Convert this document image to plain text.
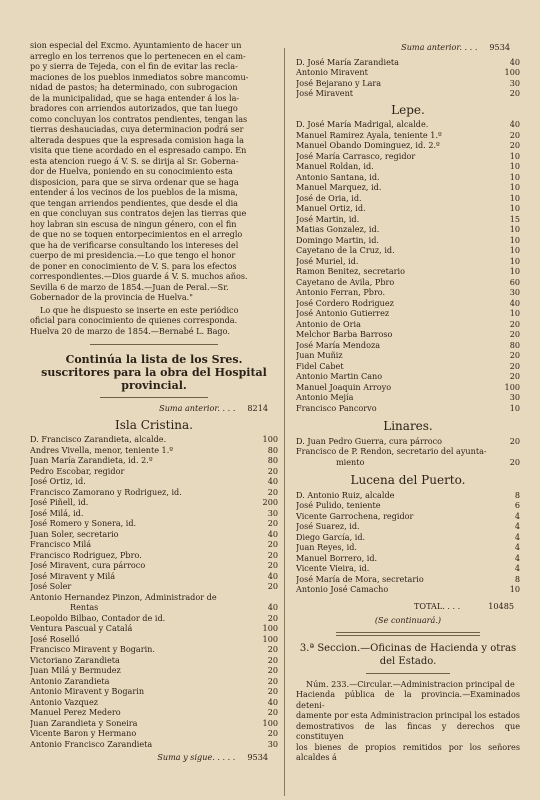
sion especial del Excmo. Ayuntamiento de hacer un

arreglo en los terrenos que lo pertenecen en el cam-

po y sierra de Tejeda, con el fin de evitar las recla-

maciones de los pueblos inmediatos sobre mancomu-

nidad de pastos; ha determinado, con subrogacion

de la municipalidad, que se haga entender á los la-

bradores con arriendos autorizados, que tan luego

como concluyan los contratos pendientes, tengan las

tierras deshauciadas, cuya determinacion podrá ser

alterada despues que la espresada comision haga la

visita que tiene acordado en el espresado campo. En

esta atencion ruego á V. S. se dirija al Sr. Goberna-

dor de Huelva, poniendo en su conocimiento esta

disposicion, para que se sirva ordenar que se haga

entender á los vecinos de los pueblos de la misma,

que tengan arriendos pendientes, que desde el dia

en que concluyan sus contratos dejen las tierras que

hoy labran sin escusa de ningun género, con el fin

de que no se toquen entorpecimientos en el arreglo

que ha de verificarse consultando los intereses del

cuerpo de mi presidencia.—Lo que tengo el honor

de poner en conocimiento de V. S. para los efectos

correspondientes.—Dios guarde á V. S. muchos años.

Sevilla 6 de marzo de 1854.—Juan de Peral.—Sr.

Gobernador de la provincia de Huelva."

Lo que he dispuesto se inserte en este periódico

oficial para conocimiento de quienes corresponda.

Huelva 20 de marzo de 1854.—Bernabé L. Bago.

Continúa la lista de los Sres. suscritores para la obra del Hospital provincial.
Suma anterior. . . . 8214
Isla Cristina.
D. Francisco Zarandieta, alcalde.	100
Andres Vivella, menor, teniente 1.º	80
Juan María Zarandieta, id. 2.º	80
Pedro Escobar, regidor	20
José Ortiz, id.	40
Francisco Zamorano y Rodriguez, id.	20
José Piñell, id.	200
José Milá, id.	30
José Romero y Sonera, id.	20
Juan Soler, secretario	40
Francisco Milá	20
Francisco Rodriguez, Pbro.	20
José Miravent, cura párroco	20
José Miravent y Milá	40
José Soler	20
Antonio Hernandez Pinzon, Administrador de
Rentas	40
Leopoldo Bilbao, Contador de id.	20
Ventura Pascual y Catalá	100
José Roselló	100
Francisco Miravent y Bogarin.	20
Victoriano Zarandieta	20
Juan Milá y Bermudez	20
Antonio Zarandieta	20
Antonio Miravent y Bogarin	20
Antonio Vazquez	40
Manuel Perez Medero	20
Juan Zarandieta y Soneira	100
Vicente Baron y Hermano	20
Antonio Francisco Zarandieta	30
Suma y sigue. . . . . 9534
Suma anterior. . . . 9534
D. José María Zarandieta	40
Antonio Miravent	100
José Bejarano y Lara	30
José Miravent	20
Lepe.
D. José María Madrigal, alcalde.	40
Manuel Ramirez Ayala, teniente 1.º	20
Manuel Obando Dominguez, id. 2.º	20
José María Carrasco, regidor	10
Manuel Roldan, id.	10
Antonio Santana, id.	10
Manuel Marquez, id.	10
José de Oria, id.	10
Manuel Ortiz, id.	10
José Martin, id.	15
Matias Gonzalez, id.	10
Domingo Martin, id.	10
Cayetano de la Cruz, id.	10
José Muriel, id.	10
Ramon Benitez, secretario	10
Cayetano de Avila, Pbro	60
Antonio Ferran, Pbro.	30
José Cordero Rodriguez	40
José Antonio Gutierrez	10
Antonio de Oria	20
Melchor Barba Barroso	20
José María Mendoza	80
Juan Muñiz	20
Fidel Cabet	20
Antonio Martin Cano	20
Manuel Joaquin Arroyo	100
Antonio Mejía	30
Francisco Pancorvo	10
Linares.
D. Juan Pedro Guerra, cura párroco	20
Francisco de P. Rendon, secretario del ayunta-
miento	20
Lucena del Puerto.
D. Antonio Ruiz, alcalde	8
José Pulido, teniente	6
Vicente Garrochena, regidor	4
José Suarez, id.	4
Diego García, id.	4
Juan Reyes, id.	4
Manuel Borrero, id.	4
Vicente Vieira, id.	4
José María de Mora, secretario	8
Antonio José Camacho	10
TOTAL. . . .	10485
(Se continuará.)
3.ª Seccion.—Oficinas de Hacienda y otras del Estado.

Núm. 233.—Circular.—Administracion principal de

Hacienda pública de la provincia.—Examinados deteni-

damente por esta Administracion principal los estados

demostrativos de las fincas y derechos que constituyen

los bienes de propios remitidos por los señores alcaldes á
